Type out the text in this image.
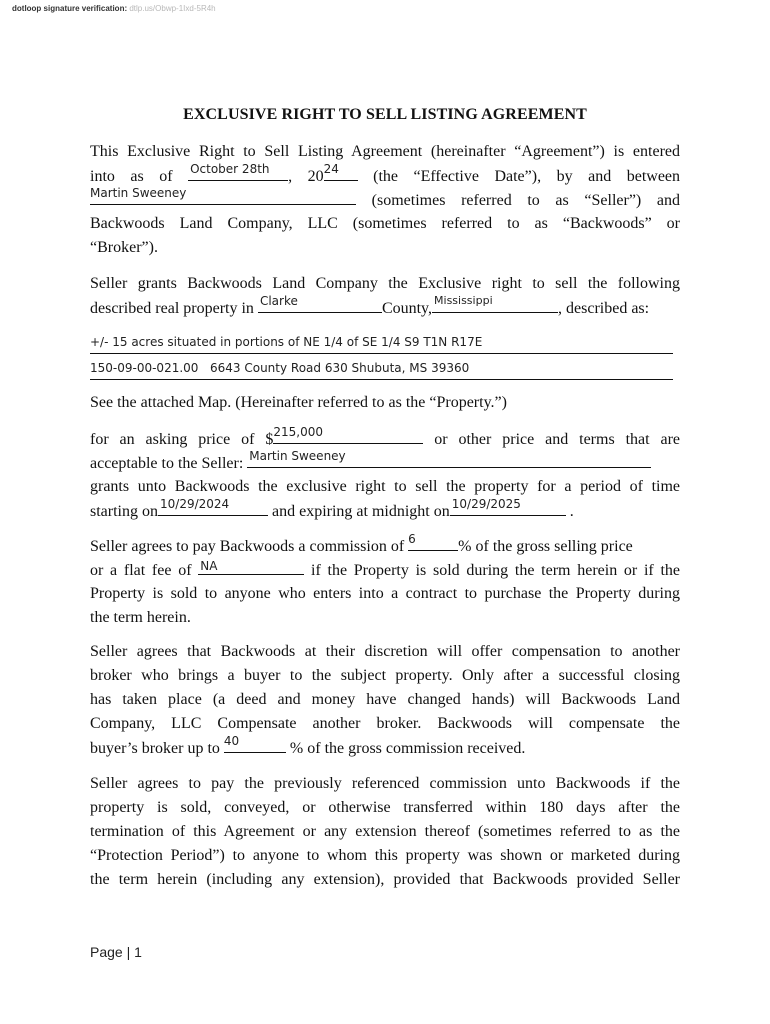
dotloop signature verification: dtlp.us/Obwp-1Ixd-5R4h
EXCLUSIVE RIGHT TO SELL LISTING AGREEMENT
This Exclusive Right to Sell Listing Agreement (hereinafter “Agreement”) is entered
into as of October 28th , 20 24 (the “Effective Date”), by and between
Martin Sweeney	(sometimes referred to as “Seller”) and
Backwoods Land Company, LLC (sometimes referred to as “Backwoods” or
“Broker”).
Seller grants Backwoods Land Company the Exclusive right to sell the following
described real property in Clarke	County, Mississippi	, described as:
+/- 15 acres situated in portions of NE 1/4 of SE 1/4 S9 T1N R17E
150-09-00-021.00 6643 County Road 630 Shubuta, MS 39360
See the attached Map. (Hereinafter referred to as the “Property.”)
for an asking price of $ 215,000	or other price and terms that are
acceptable to the Seller: Martin Sweeney
grants unto Backwoods the exclusive right to sell the property for a period of time
starting on 10/29/2024	and expiring at midnight on 10/29/2025	.
Seller agrees to pay Backwoods a commission of 6	% of the gross selling price
or a flat fee of NA	if the Property is sold during the term herein or if the
Property is sold to anyone who enters into a contract to purchase the Property during
the term herein.
Seller agrees that Backwoods at their discretion will offer compensation to another
broker who brings a buyer to the subject property. Only after a successful closing
has taken place (a deed and money have changed hands) will Backwoods Land
Company, LLC Compensate another broker. Backwoods will compensate the
buyer’s broker up to 40	% of the gross commission received.
Seller agrees to pay the previously referenced commission unto Backwoods if the
property is sold, conveyed, or otherwise transferred within 180 days after the
termination of this Agreement or any extension thereof (sometimes referred to as the
“Protection Period”) to anyone to whom this property was shown or marketed during
the term herein (including any extension), provided that Backwoods provided Seller
Page | 1
